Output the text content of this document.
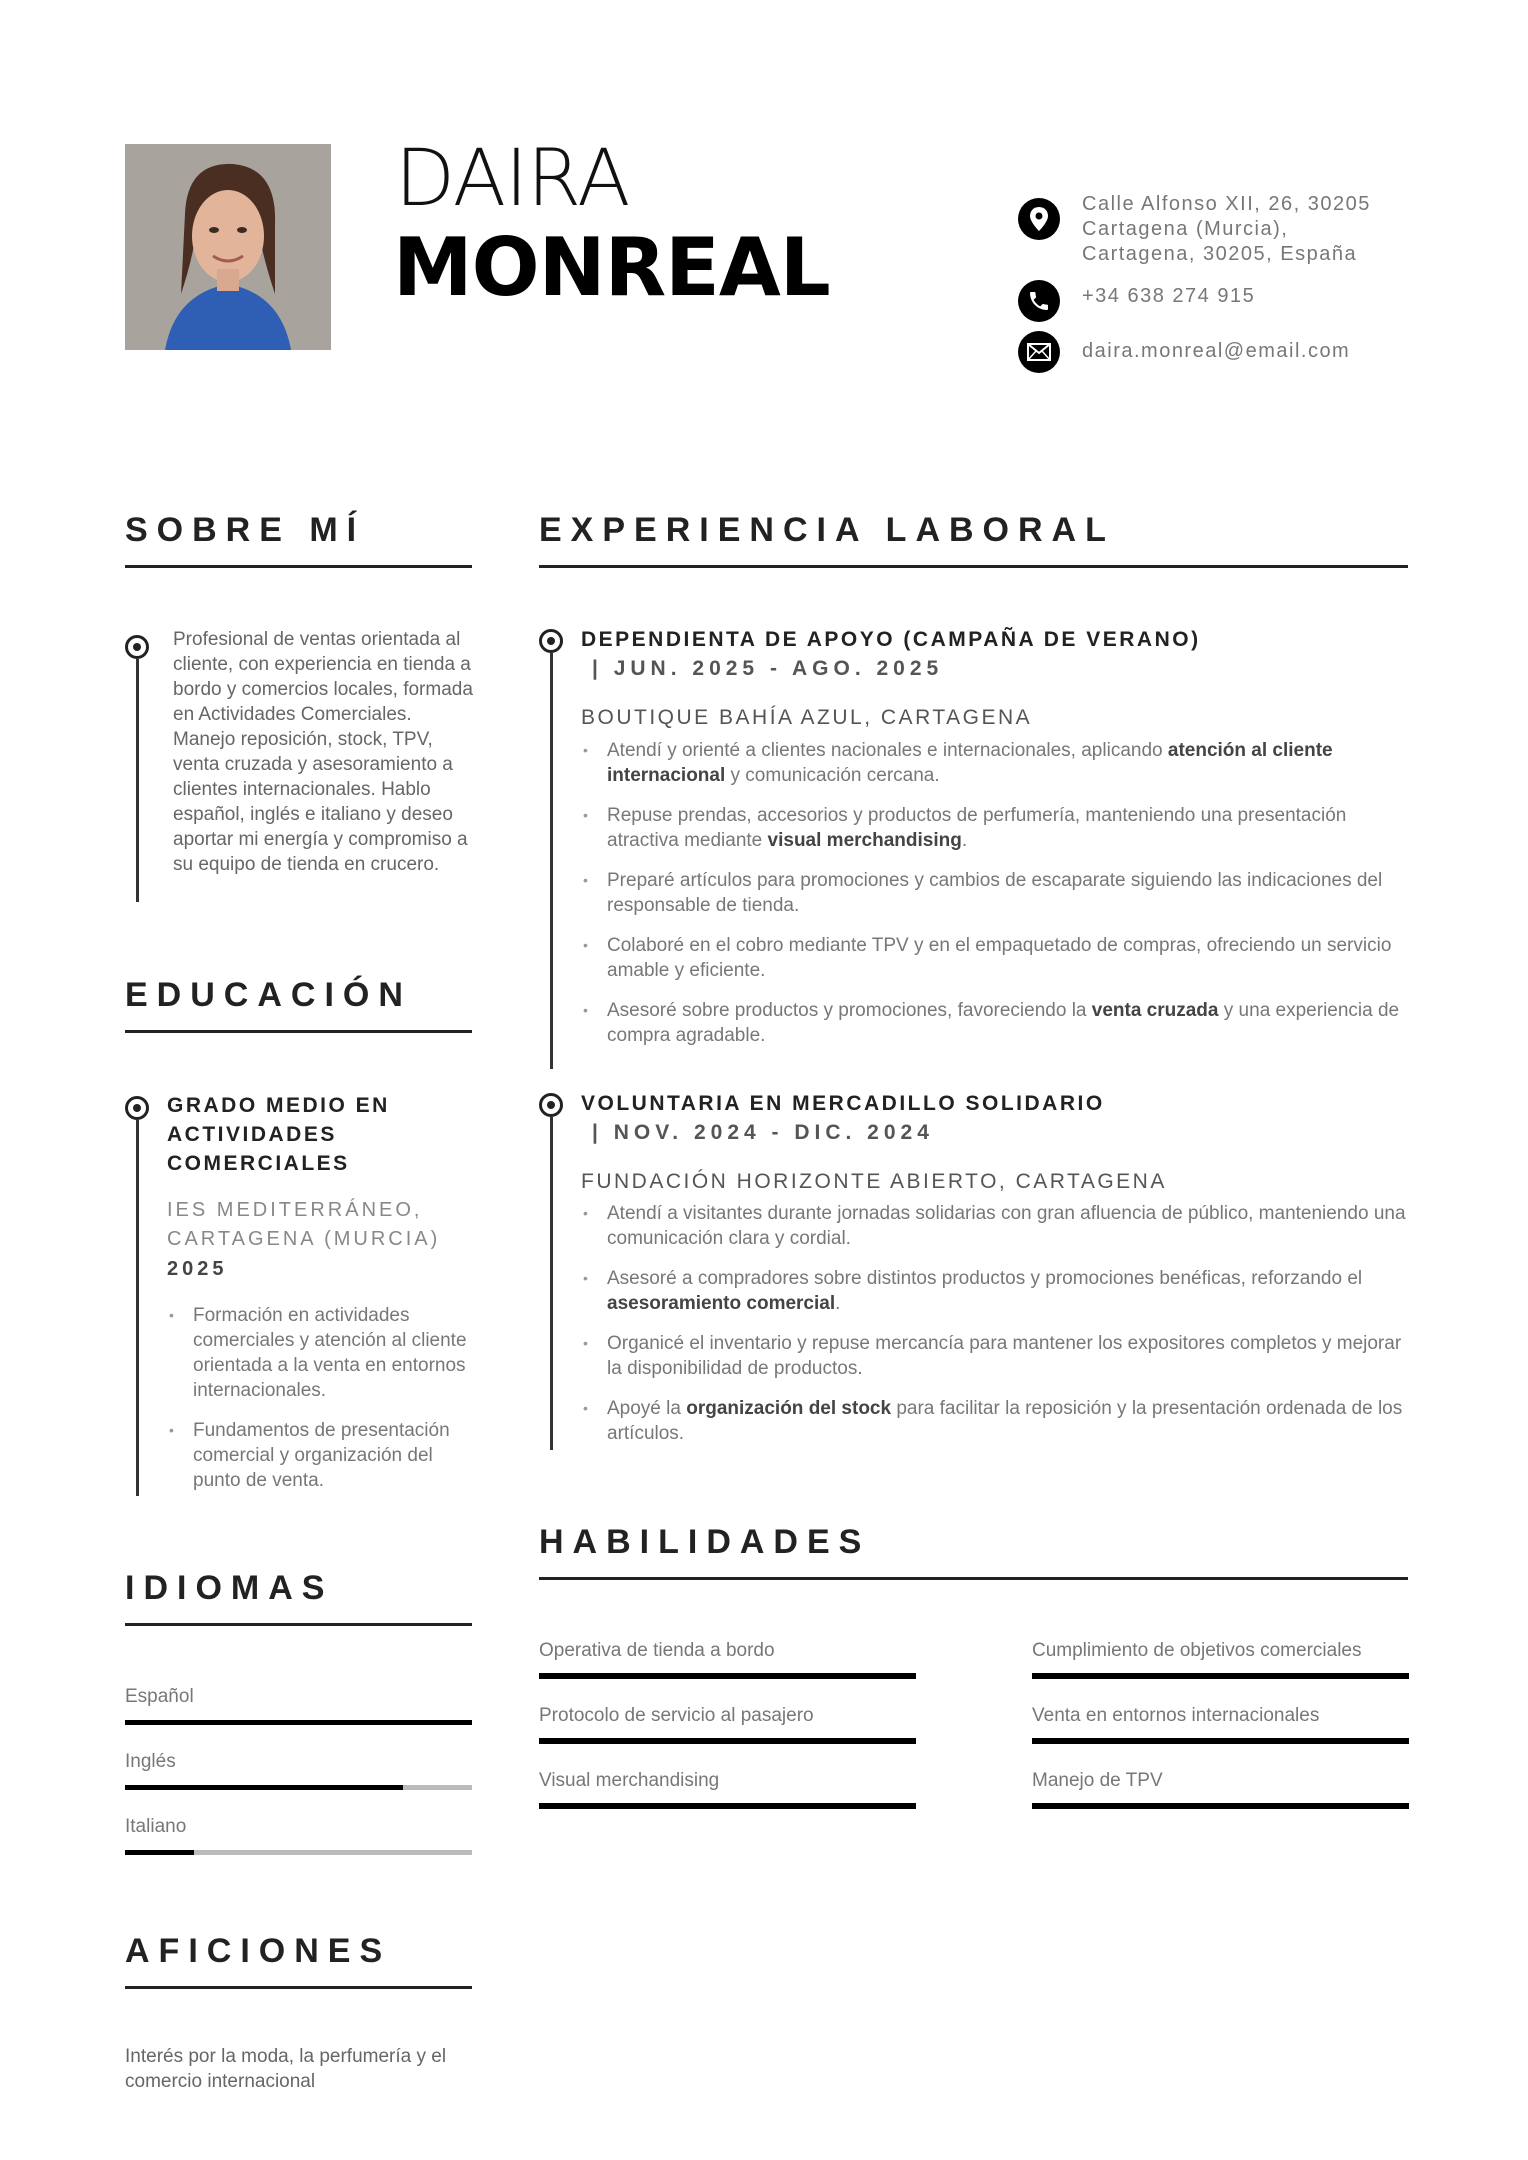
DAIRA
MONREAL
Calle Alfonso XII, 26, 30205
Cartagena (Murcia),
Cartagena, 30205, España
+34 638 274 915
daira.monreal@email.com
SOBRE MÍ
Profesional de ventas orientada al cliente, con experiencia en tienda a bordo y comercios locales, formada en Actividades Comerciales. Manejo reposición, stock, TPV, venta cruzada y asesoramiento a clientes internacionales. Hablo español, inglés e italiano y deseo aportar mi energía y compromiso a su equipo de tienda en crucero.
EDUCACIÓN
GRADO MEDIO EN ACTIVIDADES COMERCIALES
IES MEDITERRÁNEO, CARTAGENA (MURCIA)
2025
• Formación en actividades comerciales y atención al cliente orientada a la venta en entornos internacionales.
• Fundamentos de presentación comercial y organización del punto de venta.
IDIOMAS
Español
Inglés
Italiano
AFICIONES
Interés por la moda, la perfumería y el comercio internacional
EXPERIENCIA LABORAL
DEPENDIENTA DE APOYO (CAMPAÑA DE VERANO)
| JUN. 2025 - AGO. 2025
BOUTIQUE BAHÍA AZUL, CARTAGENA
• Atendí y orienté a clientes nacionales e internacionales, aplicando atención al cliente internacional y comunicación cercana.
• Repuse prendas, accesorios y productos de perfumería, manteniendo una presentación atractiva mediante visual merchandising.
• Preparé artículos para promociones y cambios de escaparate siguiendo las indicaciones del responsable de tienda.
• Colaboré en el cobro mediante TPV y en el empaquetado de compras, ofreciendo un servicio amable y eficiente.
• Asesoré sobre productos y promociones, favoreciendo la venta cruzada y una experiencia de compra agradable.
VOLUNTARIA EN MERCADILLO SOLIDARIO
| NOV. 2024 - DIC. 2024
FUNDACIÓN HORIZONTE ABIERTO, CARTAGENA
• Atendí a visitantes durante jornadas solidarias con gran afluencia de público, manteniendo una comunicación clara y cordial.
• Asesoré a compradores sobre distintos productos y promociones benéficas, reforzando el asesoramiento comercial.
• Organicé el inventario y repuse mercancía para mantener los expositores completos y mejorar la disponibilidad de productos.
• Apoyé la organización del stock para facilitar la reposición y la presentación ordenada de los artículos.
HABILIDADES
Operativa de tienda a bordo	Cumplimiento de objetivos comerciales
Protocolo de servicio al pasajero	Venta en entornos internacionales
Visual merchandising	Manejo de TPV
